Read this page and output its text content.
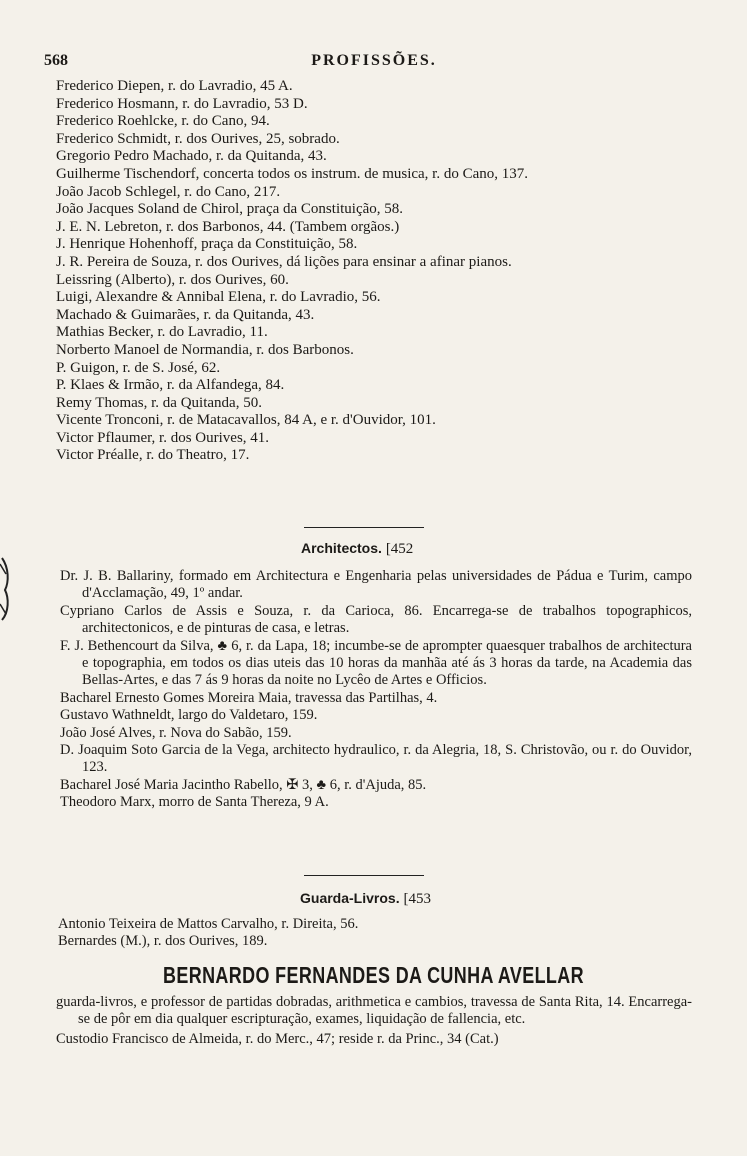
568	PROFISSÕES.
Frederico Diepen, r. do Lavradio, 45 A.
Frederico Hosmann, r. do Lavradio, 53 D.
Frederico Roehlcke, r. do Cano, 94.
Frederico Schmidt, r. dos Ourives, 25, sobrado.
Gregorio Pedro Machado, r. da Quitanda, 43.
Guilherme Tischendorf, concerta todos os instrum. de musica, r. do Cano, 137.
João Jacob Schlegel, r. do Cano, 217.
João Jacques Soland de Chirol, praça da Constituição, 58.
J. E. N. Lebreton, r. dos Barbonos, 44. (Tambem orgãos.)
J. Henrique Hohenhoff, praça da Constituição, 58.
J. R. Pereira de Souza, r. dos Ourives, dá lições para ensinar a afinar pianos.
Leissring (Alberto), r. dos Ourives, 60.
Luigi, Alexandre & Annibal Elena, r. do Lavradio, 56.
Machado & Guimarães, r. da Quitanda, 43.
Mathias Becker, r. do Lavradio, 11.
Norberto Manoel de Normandia, r. dos Barbonos.
P. Guigon, r. de S. José, 62.
P. Klaes & Irmão, r. da Alfandega, 84.
Remy Thomas, r. da Quitanda, 50.
Vicente Tronconi, r. de Matacavallos, 84 A, e r. d'Ouvidor, 101.
Victor Pflaumer, r. dos Ourives, 41.
Victor Préalle, r. do Theatro, 17.
Architectos. [452

Dr. J. B. Ballariny, formado em Architectura e Engenharia pelas universidades de Pádua e Turim, campo d'Acclamação, 49, 1º andar.

Cypriano Carlos de Assis e Souza, r. da Carioca, 86. Encarrega-se de trabalhos topographicos, architectonicos, e de pinturas de casa, e letras.

F. J. Bethencourt da Silva, ♣ 6, r. da Lapa, 18; incumbe-se de aprompter quaesquer trabalhos de architectura e topographia, em todos os dias uteis das 10 horas da manhãa até ás 3 horas da tarde, na Academia das Bellas-Artes, e das 7 ás 9 horas da noite no Lycêo de Artes e Officios.

Bacharel Ernesto Gomes Moreira Maia, travessa das Partilhas, 4.

Gustavo Wathneldt, largo do Valdetaro, 159.

João José Alves, r. Nova do Sabão, 159.

D. Joaquim Soto Garcia de la Vega, architecto hydraulico, r. da Alegria, 18, S. Christovão, ou r. do Ouvidor, 123.

Bacharel José Maria Jacintho Rabello, ✠ 3, ♣ 6, r. d'Ajuda, 85.

Theodoro Marx, morro de Santa Thereza, 9 A.

Guarda-Livros. [453

Antonio Teixeira de Mattos Carvalho, r. Direita, 56.

Bernardes (M.), r. dos Ourives, 189.

BERNARDO FERNANDES DA CUNHA AVELLAR

guarda-livros, e professor de partidas dobradas, arithmetica e cambios, travessa de Santa Rita, 14. Encarrega-se de pôr em dia qualquer escripturação, exames, liquidação de fallencia, etc.

Custodio Francisco de Almeida, r. do Merc., 47; reside r. da Princ., 34 (Cat.)
